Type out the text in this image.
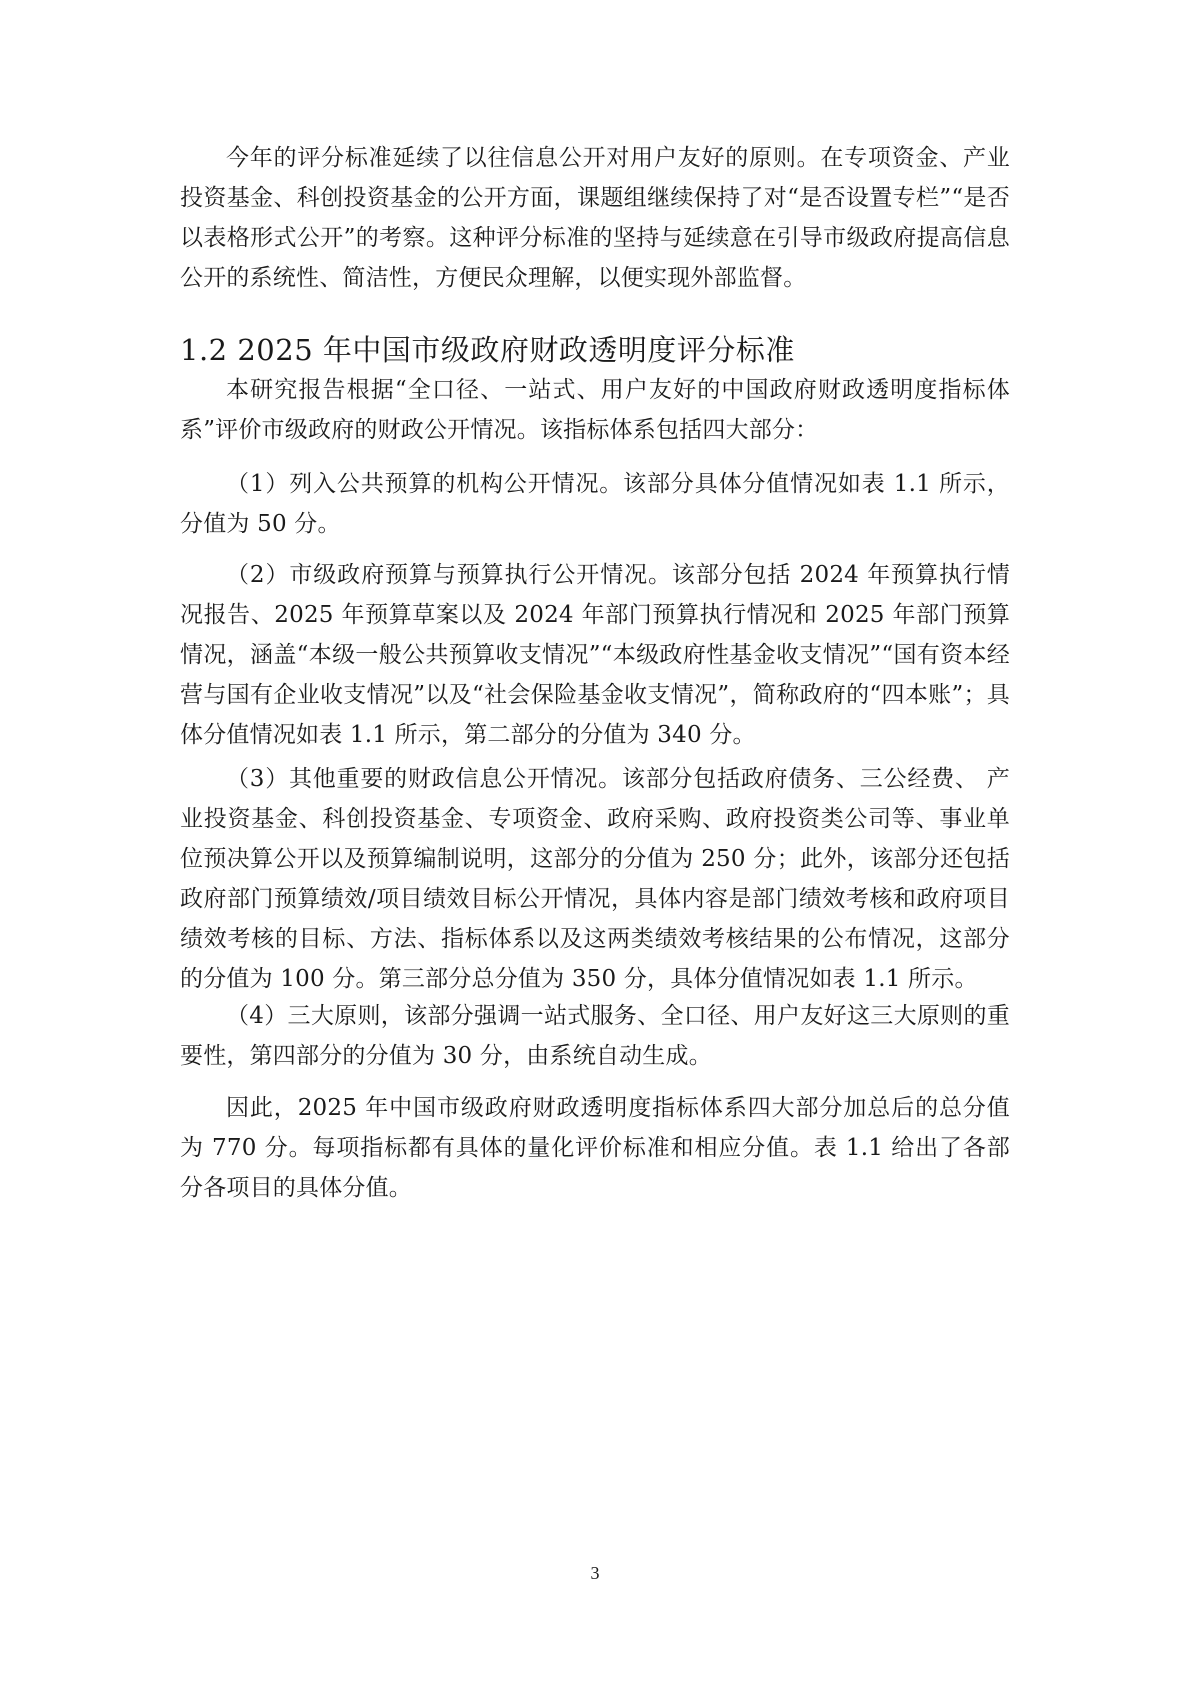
今年的评分标准延续了以往信息公开对用户友好的原则。在专项资金、产业投资基金、科创投资基金的公开方面，课题组继续保持了对“是否设置专栏”“是否以表格形式公开”的考察。这种评分标准的坚持与延续意在引导市级政府提高信息公开的系统性、简洁性，方便民众理解，以便实现外部监督。

1.2 2025 年中国市级政府财政透明度评分标准

本研究报告根据“全口径、一站式、用户友好的中国政府财政透明度指标体系”评价市级政府的财政公开情况。该指标体系包括四大部分：

（1）列入公共预算的机构公开情况。该部分具体分值情况如表 1.1 所示，分值为 50 分。

（2）市级政府预算与预算执行公开情况。该部分包括 2024 年预算执行情况报告、2025 年预算草案以及 2024 年部门预算执行情况和 2025 年部门预算情况，涵盖“本级一般公共预算收支情况”“本级政府性基金收支情况”“国有资本经营与国有企业收支情况”以及“社会保险基金收支情况”，简称政府的“四本账”；具体分值情况如表 1.1 所示，第二部分的分值为 340 分。

（3）其他重要的财政信息公开情况。该部分包括政府债务、三公经费、 产业投资基金、科创投资基金、专项资金、政府采购、政府投资类公司等、事业单位预决算公开以及预算编制说明，这部分的分值为 250 分；此外，该部分还包括政府部门预算绩效/项目绩效目标公开情况，具体内容是部门绩效考核和政府项目绩效考核的目标、方法、指标体系以及这两类绩效考核结果的公布情况，这部分的分值为 100 分。第三部分总分值为 350 分，具体分值情况如表 1.1 所示。

（4）三大原则，该部分强调一站式服务、全口径、用户友好这三大原则的重要性，第四部分的分值为 30 分，由系统自动生成。

因此，2025 年中国市级政府财政透明度指标体系四大部分加总后的总分值为 770 分。每项指标都有具体的量化评价标准和相应分值。表 1.1 给出了各部分各项目的具体分值。

3
